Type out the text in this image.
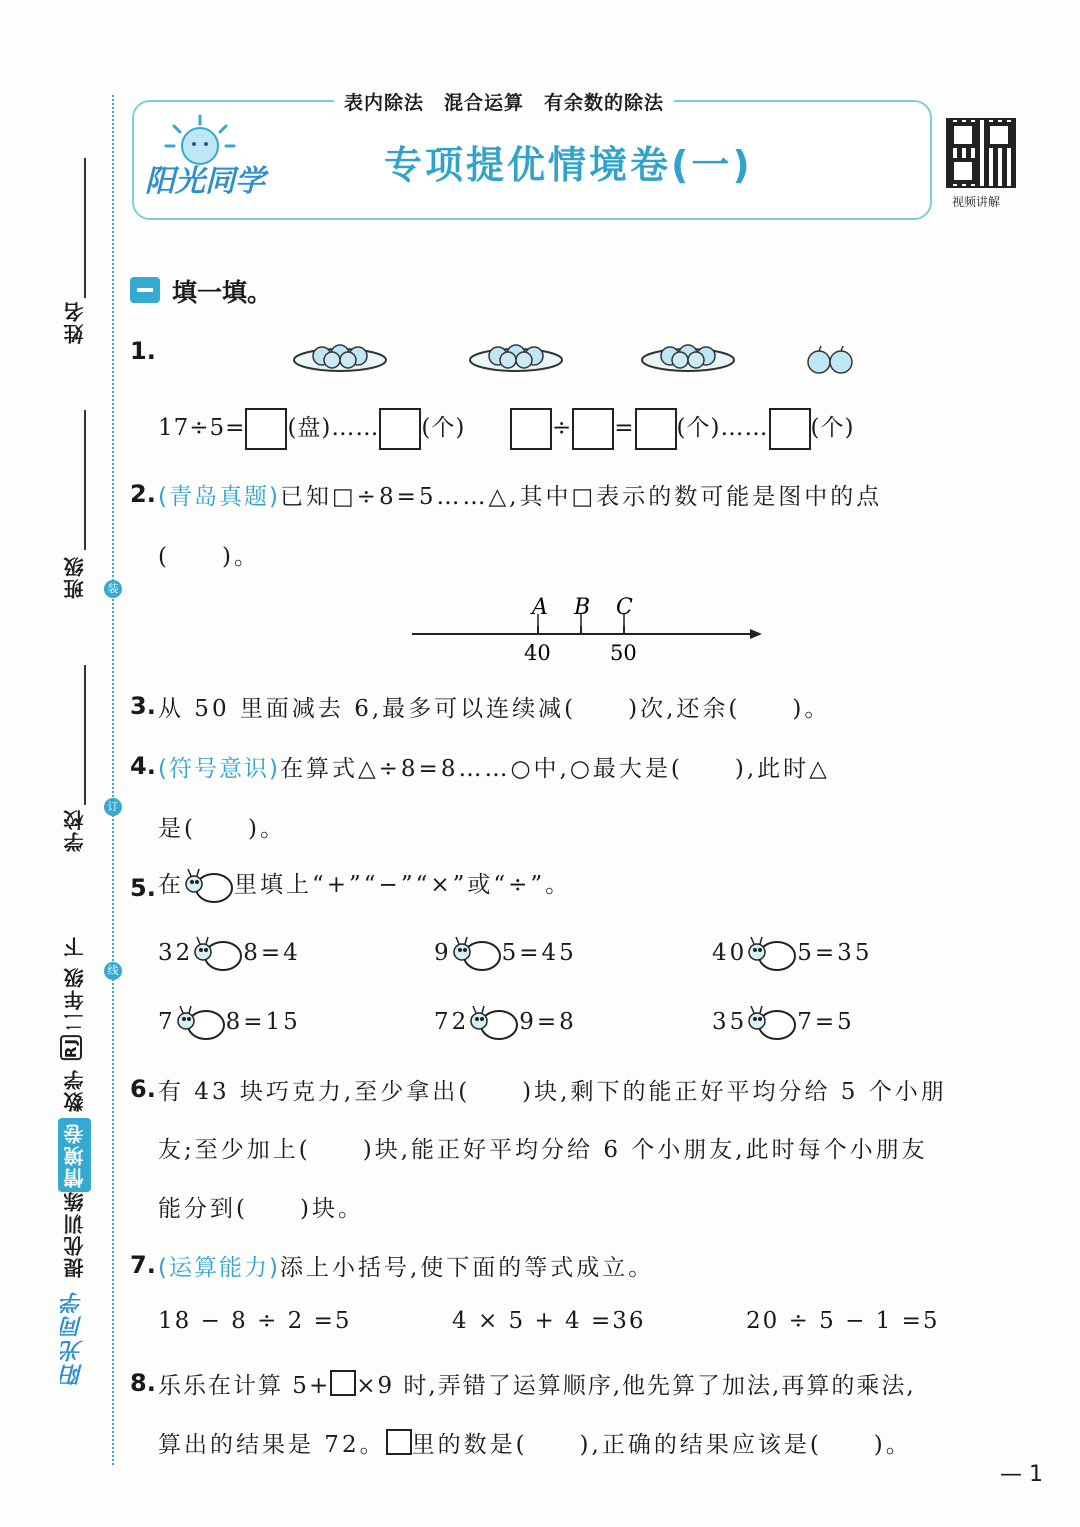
装
订
线
姓名
班级
学校
二年级 下
RJ
数学
情境卷
提优训练
阳光同学
表内除法　混合运算　有余数的除法
阳光同学	专项提优情境卷(一)
视频讲解
填一填。
1.
17÷5= (盘)…… (个)	÷ = (个)…… (个)
2. (青岛真题)已知□÷8=5……△,其中□表示的数可能是图中的点
(　　)。
A B C
40	50
3. 从 50 里面减去 6,最多可以连续减(　　)次,还余(　　)。
4. (符号意识)在算式△÷8=8……○中,○最大是(　　),此时△
是(　　)。
5. 在 里填上“+”“−”“×”或“÷”。
32 8=4	9 5=45	40 5=35
7 8=15	72 9=8	35 7=5
6. 有 43 块巧克力,至少拿出(　　)块,剩下的能正好平均分给 5 个小朋
友;至少加上(　　)块,能正好平均分给 6 个小朋友,此时每个小朋友
能分到(　　)块。
7. (运算能力)添上小括号,使下面的等式成立。
18 − 8 ÷ 2 =5	4 × 5 + 4 =36	20 ÷ 5 − 1 =5
8. 乐乐在计算 5+ ×9 时,弄错了运算顺序,他先算了加法,再算的乘法,
算出的结果是 72。 里的数是(　　),正确的结果应该是(　　)。
— 1
